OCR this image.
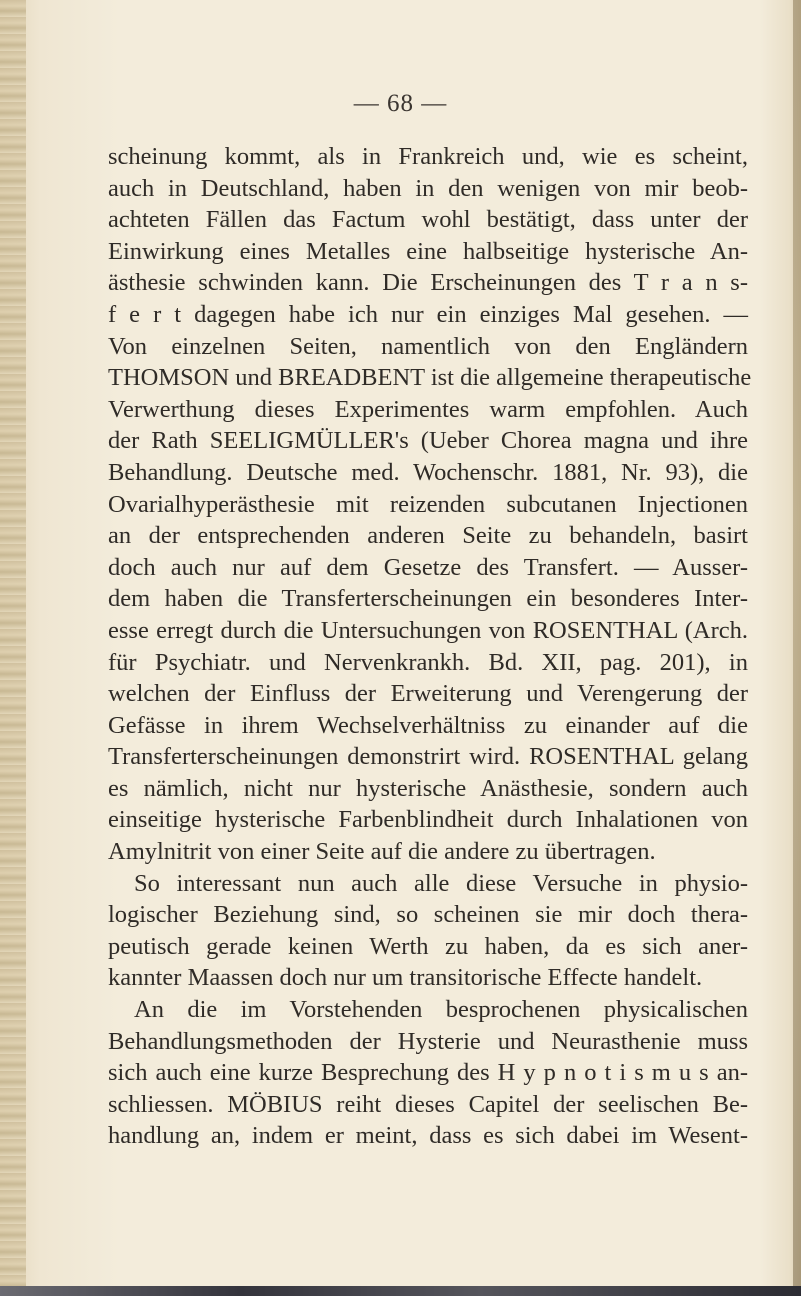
— 68 —
scheinung kommt, als in Frankreich und, wie es scheint,
auch in Deutschland, haben in den wenigen von mir beob-
achteten Fällen das Factum wohl bestätigt, dass unter der
Einwirkung eines Metalles eine halbseitige hysterische An-
ästhesie schwinden kann. Die Erscheinungen des T r a n s-
f e r t dagegen habe ich nur ein einziges Mal gesehen. —
Von einzelnen Seiten, namentlich von den Engländern
THOMSON und BREADBENT ist die allgemeine therapeutische
Verwerthung dieses Experimentes warm empfohlen. Auch
der Rath SEELIGMÜLLER's (Ueber Chorea magna und ihre
Behandlung. Deutsche med. Wochenschr. 1881, Nr. 93), die
Ovarialhyperästhesie mit reizenden subcutanen Injectionen
an der entsprechenden anderen Seite zu behandeln, basirt
doch auch nur auf dem Gesetze des Transfert. — Ausser-
dem haben die Transferterscheinungen ein besonderes Inter-
esse erregt durch die Untersuchungen von ROSENTHAL (Arch.
für Psychiatr. und Nervenkrankh. Bd. XII, pag. 201), in
welchen der Einfluss der Erweiterung und Verengerung der
Gefässe in ihrem Wechselverhältniss zu einander auf die
Transferterscheinungen demonstrirt wird. ROSENTHAL gelang
es nämlich, nicht nur hysterische Anästhesie, sondern auch
einseitige hysterische Farbenblindheit durch Inhalationen von
Amylnitrit von einer Seite auf die andere zu übertragen.
So interessant nun auch alle diese Versuche in physio-
logischer Beziehung sind, so scheinen sie mir doch thera-
peutisch gerade keinen Werth zu haben, da es sich aner-
kannter Maassen doch nur um transitorische Effecte handelt.
An die im Vorstehenden besprochenen physicalischen
Behandlungsmethoden der Hysterie und Neurasthenie muss
sich auch eine kurze Besprechung des H y p n o t i s m u s an-
schliessen. MÖBIUS reiht dieses Capitel der seelischen Be-
handlung an, indem er meint, dass es sich dabei im Wesent-
